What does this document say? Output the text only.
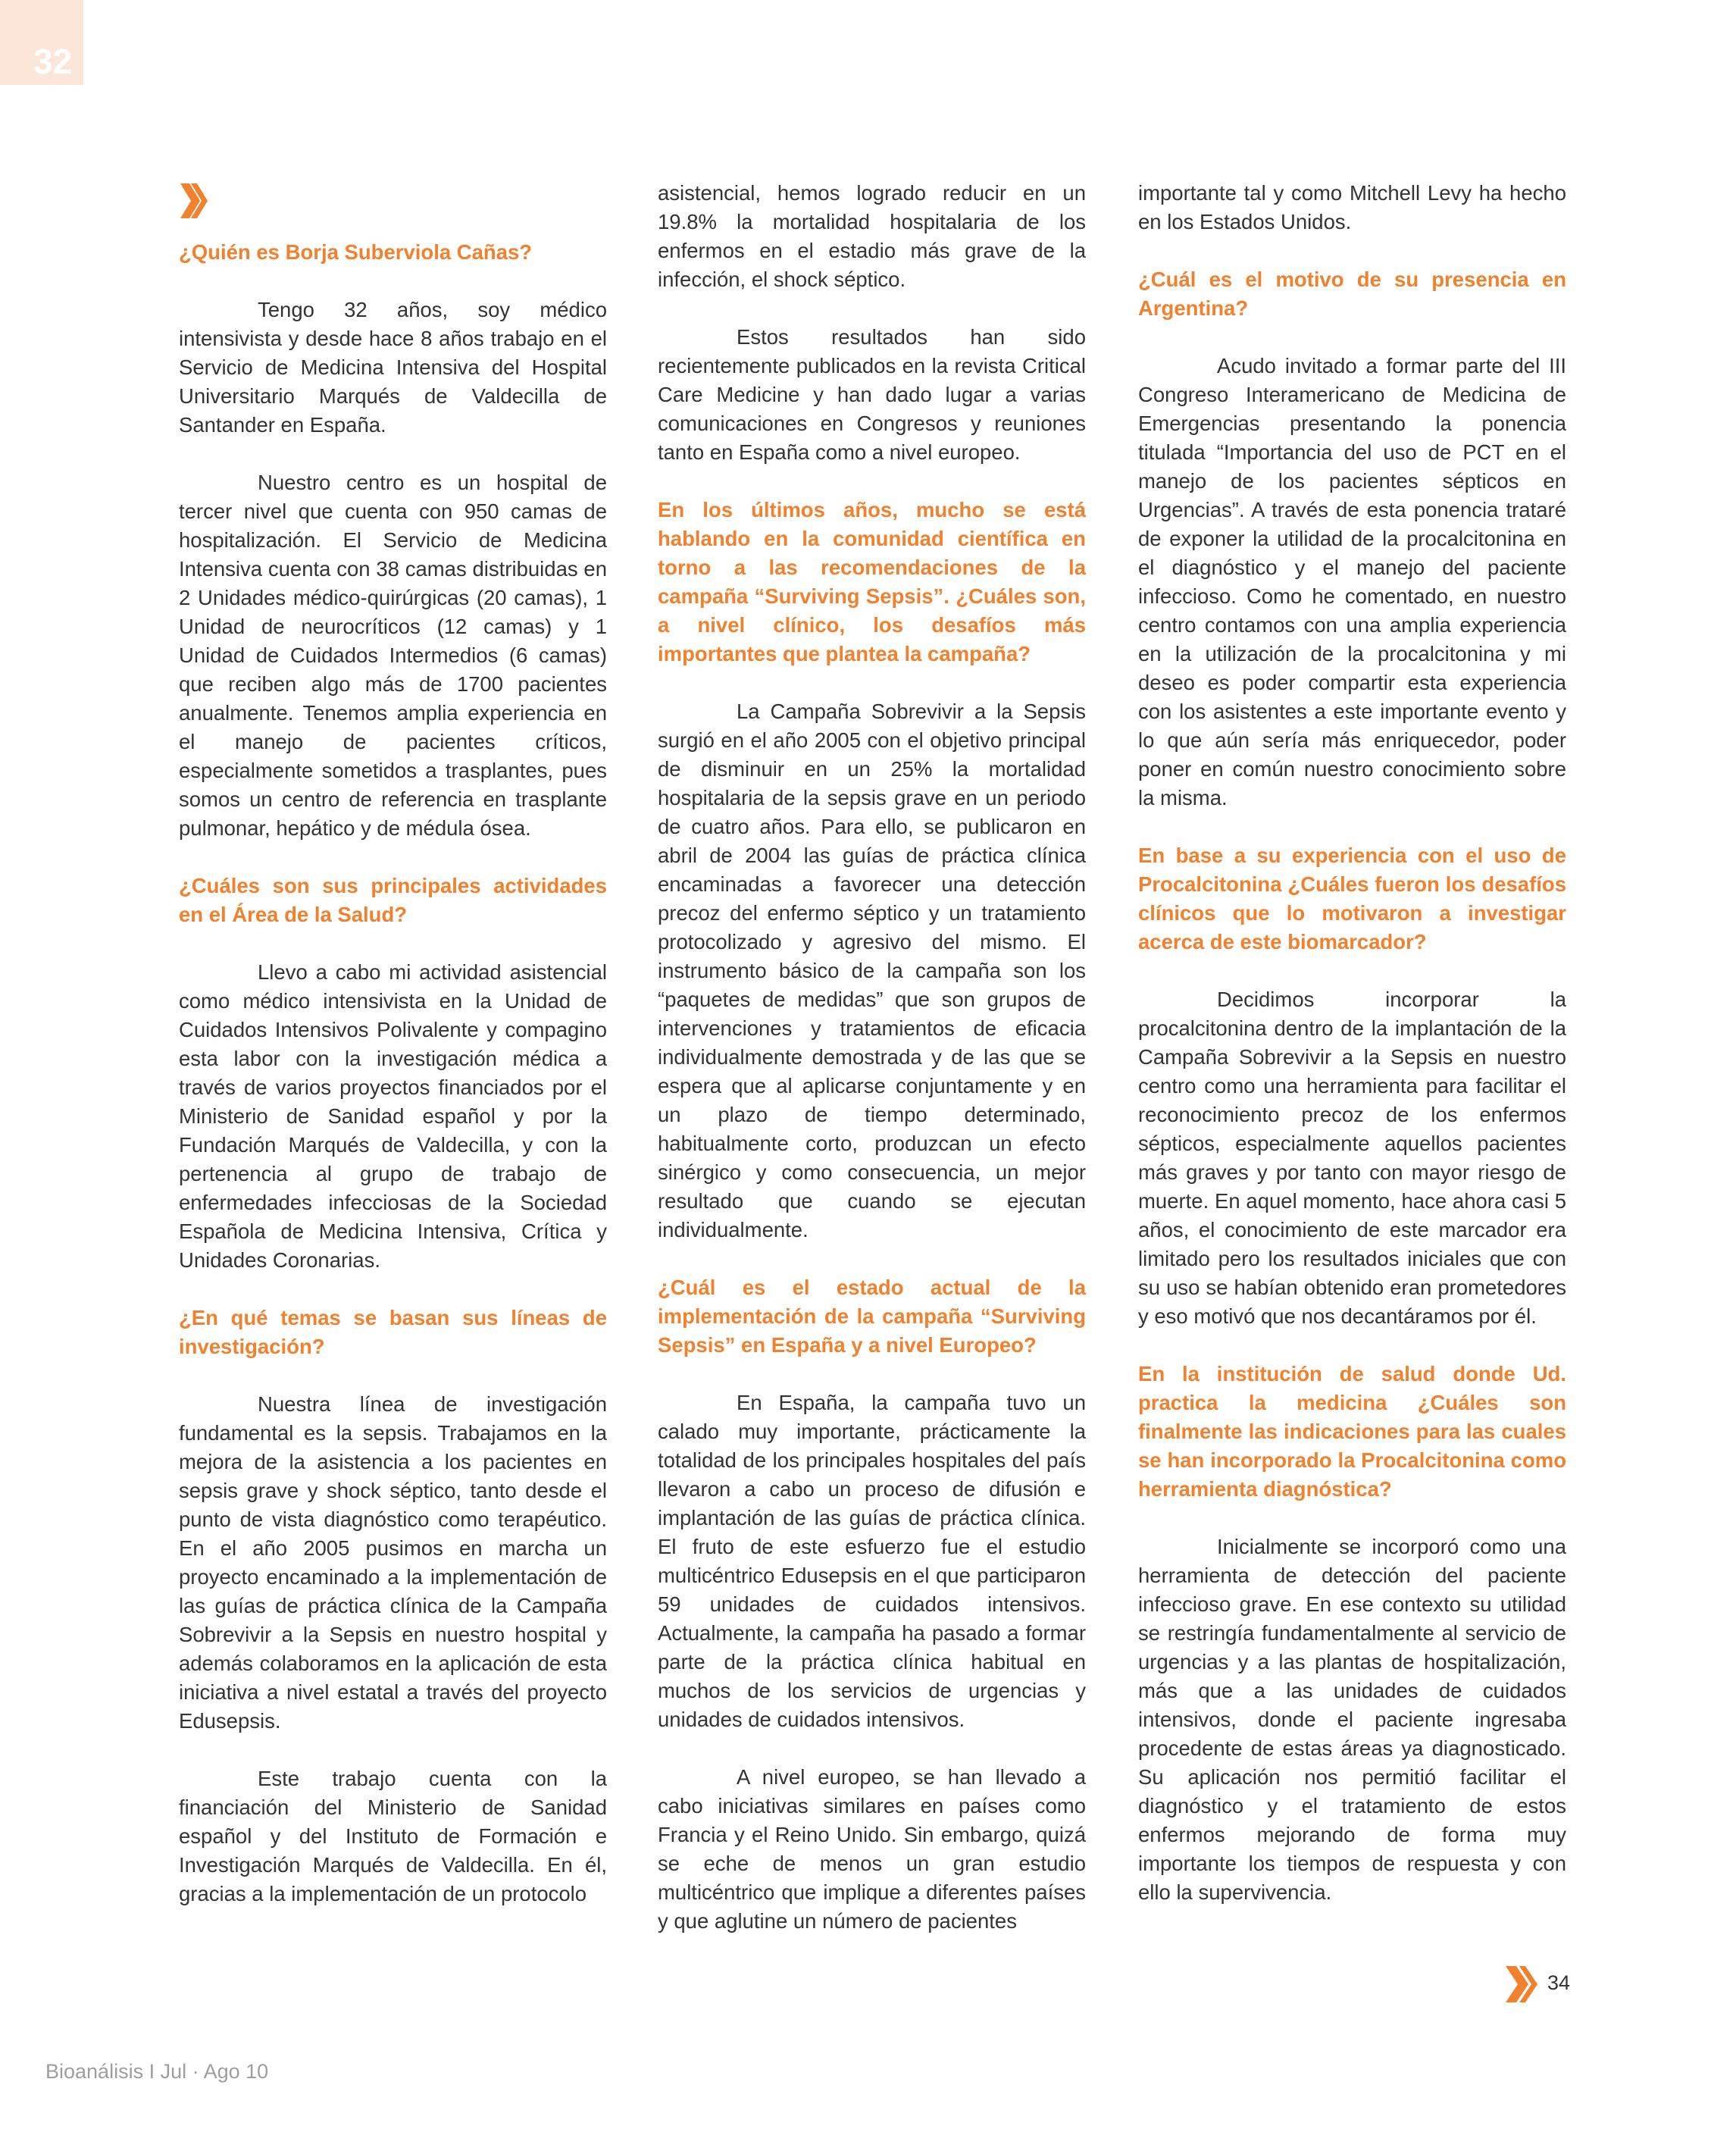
32
¿Quién es Borja Suberviola Cañas?

Tengo 32 años, soy médico intensivista y desde hace 8 años trabajo en el Servicio de Medicina Intensiva del Hospital Universitario Marqués de Valdecilla de Santander en España.

Nuestro centro es un hospital de tercer nivel que cuenta con 950 camas de hospitalización. El Servicio de Medicina Intensiva cuenta con 38 camas distribuidas en 2 Unidades médico-quirúrgicas (20 camas), 1 Unidad de neurocríticos (12 camas) y 1 Unidad de Cuidados Intermedios (6 camas) que reciben algo más de 1700 pacientes anualmente. Tenemos amplia experiencia en el manejo de pacientes críticos, especialmente sometidos a trasplantes, pues somos un centro de referencia en trasplante pulmonar, hepático y de médula ósea.

¿Cuáles son sus principales actividades en el Área de la Salud?

Llevo a cabo mi actividad asistencial como médico intensivista en la Unidad de Cuidados Intensivos Polivalente y compagino esta labor con la investigación médica a través de varios proyectos financiados por el Ministerio de Sanidad español y por la Fundación Marqués de Valdecilla, y con la pertenencia al grupo de trabajo de enfermedades infecciosas de la Sociedad Española de Medicina Intensiva, Crítica y Unidades Coronarias.

¿En qué temas se basan sus líneas de investigación?

Nuestra línea de investigación fundamental es la sepsis. Trabajamos en la mejora de la asistencia a los pacientes en sepsis grave y shock séptico, tanto desde el punto de vista diagnóstico como terapéutico. En el año 2005 pusimos en marcha un proyecto encaminado a la implementación de las guías de práctica clínica de la Campaña Sobrevivir a la Sepsis en nuestro hospital y además colaboramos en la aplicación de esta iniciativa a nivel estatal a través del proyecto Edusepsis.

Este trabajo cuenta con la financiación del Ministerio de Sanidad español y del Instituto de Formación e Investigación Marqués de Valdecilla. En él, gracias a la implementación de un protocolo

asistencial, hemos logrado reducir en un 19.8% la mortalidad hospitalaria de los enfermos en el estadio más grave de la infección, el shock séptico.

Estos resultados han sido recientemente publicados en la revista Critical Care Medicine y han dado lugar a varias comunicaciones en Congresos y reuniones tanto en España como a nivel europeo.

En los últimos años, mucho se está hablando en la comunidad científica en torno a las recomendaciones de la campaña “Surviving Sepsis”. ¿Cuáles son, a nivel clínico, los desafíos más importantes que plantea la campaña?

La Campaña Sobrevivir a la Sepsis surgió en el año 2005 con el objetivo principal de disminuir en un 25% la mortalidad hospitalaria de la sepsis grave en un periodo de cuatro años. Para ello, se publicaron en abril de 2004 las guías de práctica clínica encaminadas a favorecer una detección precoz del enfermo séptico y un tratamiento protocolizado y agresivo del mismo. El instrumento básico de la campaña son los “paquetes de medidas” que son grupos de intervenciones y tratamientos de eficacia individualmente demostrada y de las que se espera que al aplicarse conjuntamente y en un plazo de tiempo determinado, habitualmente corto, produzcan un efecto sinérgico y como consecuencia, un mejor resultado que cuando se ejecutan individualmente.

¿Cuál es el estado actual de la implementación de la campaña “Surviving Sepsis” en España y a nivel Europeo?

En España, la campaña tuvo un calado muy importante, prácticamente la totalidad de los principales hospitales del país llevaron a cabo un proceso de difusión e implantación de las guías de práctica clínica. El fruto de este esfuerzo fue el estudio multicéntrico Edusepsis en el que participaron 59 unidades de cuidados intensivos. Actualmente, la campaña ha pasado a formar parte de la práctica clínica habitual en muchos de los servicios de urgencias y unidades de cuidados intensivos.

A nivel europeo, se han llevado a cabo iniciativas similares en países como Francia y el Reino Unido. Sin embargo, quizá se eche de menos un gran estudio multicéntrico que implique a diferentes países y que aglutine un número de pacientes

importante tal y como Mitchell Levy ha hecho en los Estados Unidos.

¿Cuál es el motivo de su presencia en Argentina?

Acudo invitado a formar parte del III Congreso Interamericano de Medicina de Emergencias presentando la ponencia titulada “Importancia del uso de PCT en el manejo de los pacientes sépticos en Urgencias”. A través de esta ponencia trataré de exponer la utilidad de la procalcitonina en el diagnóstico y el manejo del paciente infeccioso. Como he comentado, en nuestro centro contamos con una amplia experiencia en la utilización de la procalcitonina y mi deseo es poder compartir esta experiencia con los asistentes a este importante evento y lo que aún sería más enriquecedor, poder poner en común nuestro conocimiento sobre la misma.

En base a su experiencia con el uso de Procalcitonina ¿Cuáles fueron los desafíos clínicos que lo motivaron a investigar acerca de este biomarcador?

Decidimos incorporar la procalcitonina dentro de la implantación de la Campaña Sobrevivir a la Sepsis en nuestro centro como una herramienta para facilitar el reconocimiento precoz de los enfermos sépticos, especialmente aquellos pacientes más graves y por tanto con mayor riesgo de muerte. En aquel momento, hace ahora casi 5 años, el conocimiento de este marcador era limitado pero los resultados iniciales que con su uso se habían obtenido eran prometedores y eso motivó que nos decantáramos por él.

En la institución de salud donde Ud. practica la medicina ¿Cuáles son finalmente las indicaciones para las cuales se han incorporado la Procalcitonina como herramienta diagnóstica?

Inicialmente se incorporó como una herramienta de detección del paciente infeccioso grave. En ese contexto su utilidad se restringía fundamentalmente al servicio de urgencias y a las plantas de hospitalización, más que a las unidades de cuidados intensivos, donde el paciente ingresaba procedente de estas áreas ya diagnosticado. Su aplicación nos permitió facilitar el diagnóstico y el tratamiento de estos enfermos mejorando de forma muy importante los tiempos de respuesta y con ello la supervivencia.

34
Bioanálisis I Jul · Ago 10
